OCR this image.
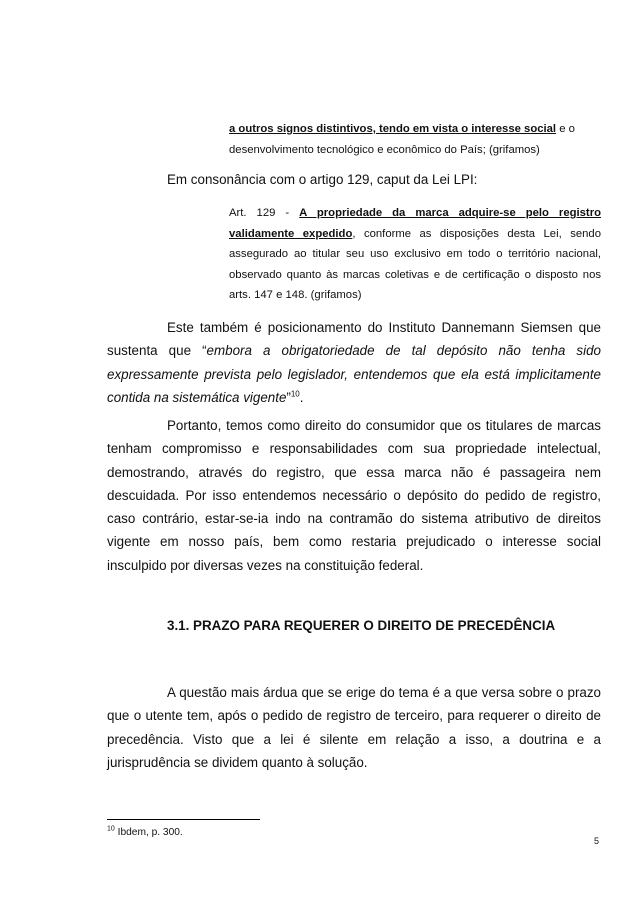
a outros signos distintivos, tendo em vista o interesse social e o
desenvolvimento tecnológico e econômico do País; (grifamos)
Em consonância com o artigo 129, caput da Lei LPI:
Art. 129 - A propriedade da marca adquire-se pelo registro validamente expedido, conforme as disposições desta Lei, sendo assegurado ao titular seu uso exclusivo em todo o território nacional, observado quanto às marcas coletivas e de certificação o disposto nos arts. 147 e 148. (grifamos)

Este também é posicionamento do Instituto Dannemann Siemsen que sustenta que “embora a obrigatoriedade de tal depósito não tenha sido expressamente prevista pelo legislador, entendemos que ela está implicitamente contida na sistemática vigente”$^{10}$.

Portanto, temos como direito do consumidor que os titulares de marcas tenham compromisso e responsabilidades com sua propriedade intelectual, demostrando, através do registro, que essa marca não é passageira nem descuidada. Por isso entendemos necessário o depósito do pedido de registro, caso contrário, estar-se-ia indo na contramão do sistema atributivo de direitos vigente em nosso país, bem como restaria prejudicado o interesse social insculpido por diversas vezes na constituição federal.

3.1. PRAZO PARA REQUERER O DIREITO DE PRECEDÊNCIA

A questão mais árdua que se erige do tema é a que versa sobre o prazo que o utente tem, após o pedido de registro de terceiro, para requerer o direito de precedência. Visto que a lei é silente em relação a isso, a doutrina e a jurisprudência se dividem quanto à solução.

$^{10}$ Ibdem, p. 300.
5
